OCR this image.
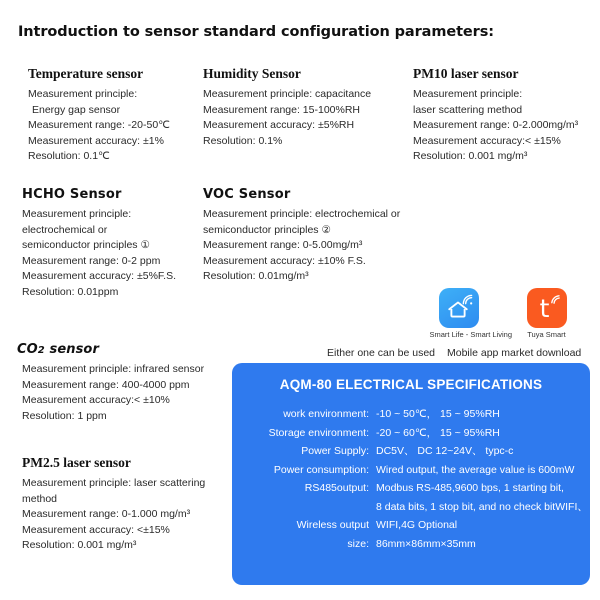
Introduction to sensor standard configuration parameters:
Temperature sensor
Measurement principle:
Energy gap sensor
Measurement range: -20-50℃
Measurement accuracy: ±1%
Resolution: 0.1℃
Humidity Sensor
Measurement principle: capacitance
Measurement range: 15-100%RH
Measurement accuracy: ±5%RH
Resolution: 0.1%
PM10 laser sensor
Measurement principle:
laser scattering method
Measurement range: 0-2.000mg/m³
Measurement accuracy:< ±15%
Resolution: 0.001 mg/m³
HCHO Sensor
Measurement principle:
electrochemical or
semiconductor principles ①
Measurement range: 0-2 ppm
Measurement accuracy: ±5%F.S.
Resolution: 0.01ppm
VOC Sensor
Measurement principle: electrochemical or
semiconductor principles ②
Measurement range: 0-5.00mg/m³
Measurement accuracy: ±10% F.S.
Resolution: 0.01mg/m³
CO2 sensor
Measurement principle: infrared sensor
Measurement range: 400-4000 ppm
Measurement accuracy:< ±10%
Resolution: 1 ppm
PM2.5 laser sensor
Measurement principle: laser scattering
method
Measurement range: 0-1.000 mg/m³
Measurement accuracy: <±15%
Resolution: 0.001 mg/m³
Smart Life - Smart Living
t
Tuya Smart
Either one can be used Mobile app market download
AQM-80 ELECTRICAL SPECIFICATIONS
work environment: -10 ~ 50℃， 15 ~ 95%RH
Storage environment: -20 ~ 60℃， 15 ~ 95%RH
Power Supply: DC5V、 DC 12~24V、 typc-c
Power consumption: Wired output, the average value is 600mW
RS485output: Modbus RS-485,9600 bps, 1 starting bit,
8 data bits, 1 stop bit, and no check bitWIFI、
Wireless output WIFI,4G Optional
size: 86mm×86mm×35mm
